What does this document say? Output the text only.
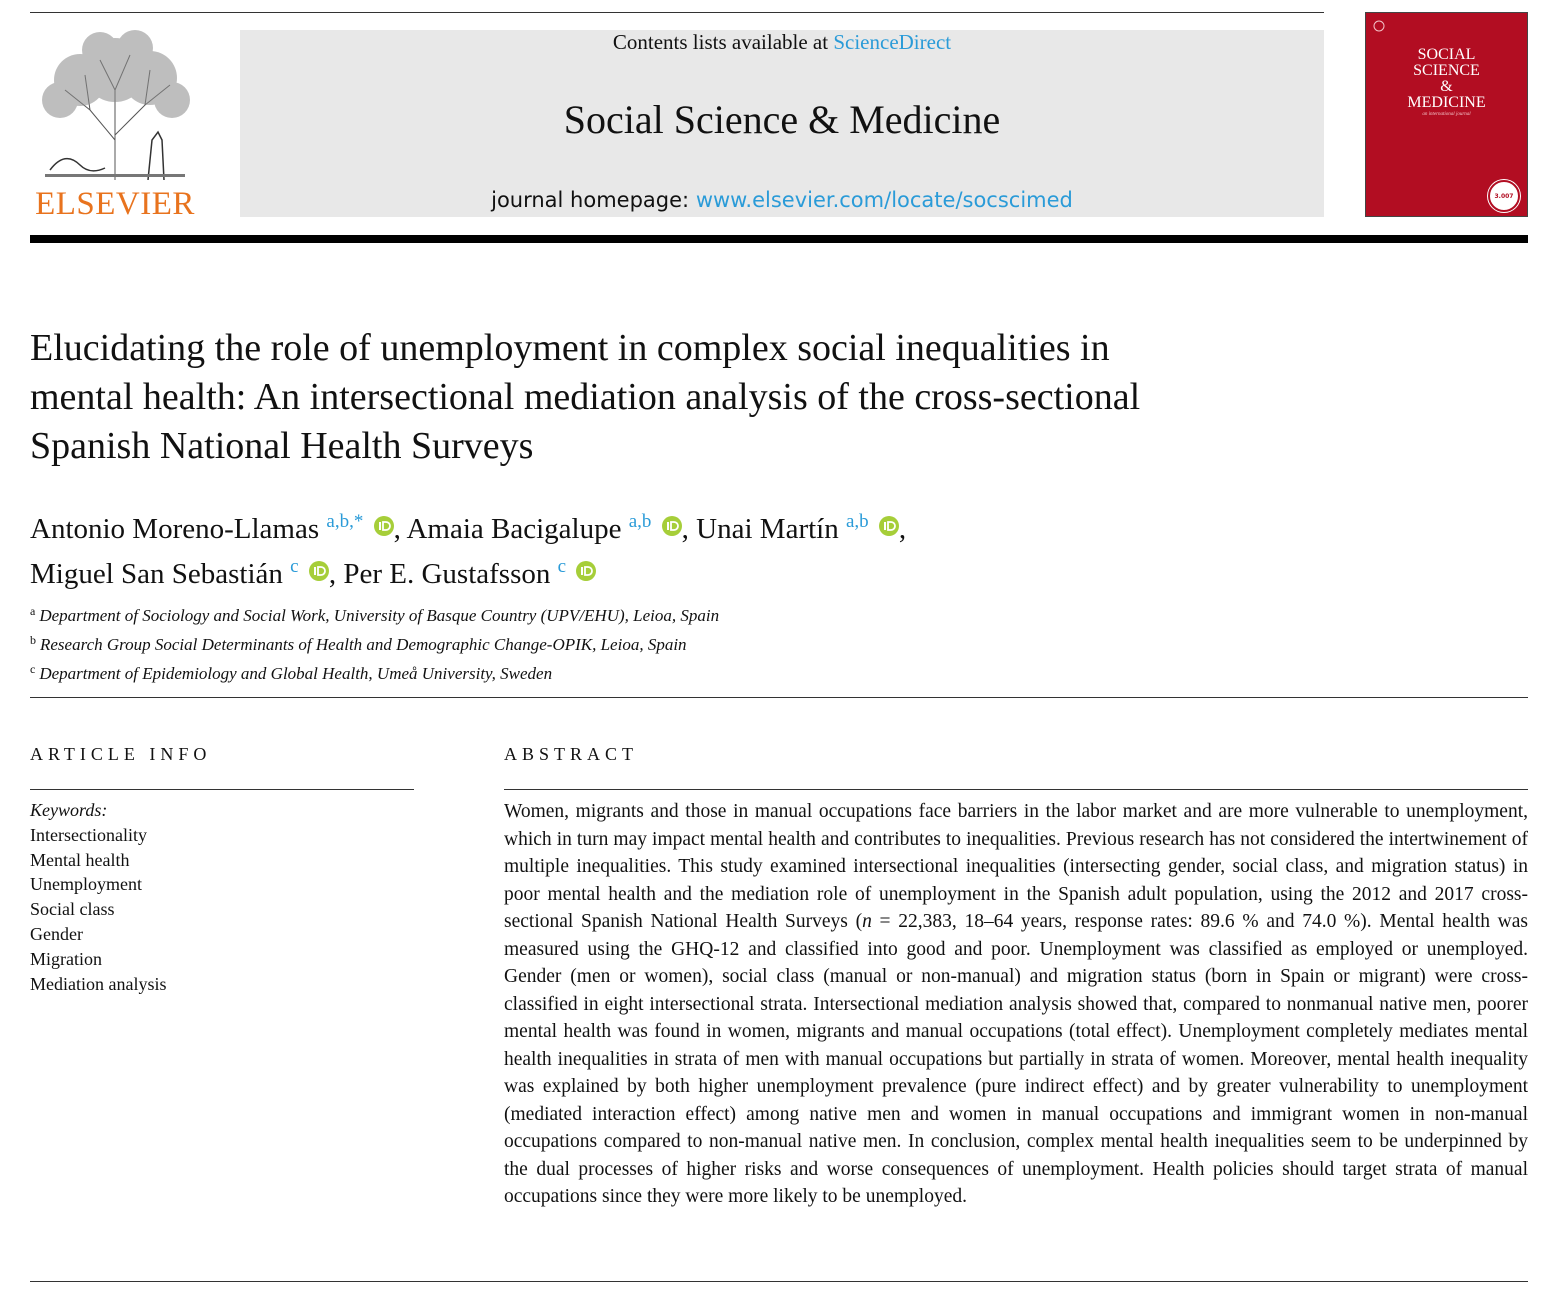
ELSEVIER
Contents lists available at ScienceDirect
Social Science & Medicine
journal homepage: www.elsevier.com/locate/socscimed
SOCIAL
SCIENCE
&
MEDICINE
an international journal
3.007
Elucidating the role of unemployment in complex social inequalities in
mental health: An intersectional mediation analysis of the cross-sectional
Spanish National Health Surveys
Antonio Moreno-Llamas $^{a,b,*}$ , Amaia Bacigalupe $^{a,b}$ , Unai Martín $^{a,b}$ ,
Miguel San Sebastián $^c$ , Per E. Gustafsson $^c$
$^a$ Department of Sociology and Social Work, University of Basque Country (UPV/EHU), Leioa, Spain
$^b$ Research Group Social Determinants of Health and Demographic Change-OPIK, Leioa, Spain
$^c$ Department of Epidemiology and Global Health, Umeå University, Sweden
ARTICLE INFO	ABSTRACT
Keywords:
Intersectionality
Mental health
Unemployment
Social class
Gender
Migration
Mediation analysis
Women, migrants and those in manual occupations face barriers in the labor market and are more vulnerable to unemployment, which in turn may impact mental health and contributes to inequalities. Previous research has not considered the intertwinement of multiple inequalities. This study examined intersectional inequalities (intersecting gender, social class, and migration status) in poor mental health and the mediation role of unemployment in the Spanish adult population, using the 2012 and 2017 cross-sectional Spanish National Health Surveys (n = 22,383, 18–64 years, response rates: 89.6 % and 74.0 %). Mental health was measured using the GHQ-12 and classified into good and poor. Unemployment was classified as employed or unemployed. Gender (men or women), social class (manual or non-manual) and migration status (born in Spain or migrant) were cross-classified in eight intersectional strata. Intersectional mediation analysis showed that, compared to nonmanual native men, poorer mental health was found in women, migrants and manual occupations (total effect). Unemployment completely mediates mental health inequalities in strata of men with manual occupations but partially in strata of women. Moreover, mental health inequality was explained by both higher unemployment prevalence (pure indirect effect) and by greater vulnerability to unemployment (mediated interaction effect) among native men and women in manual occupations and immigrant women in non-manual occupations compared to non-manual native men. In conclusion, complex mental health inequalities seem to be underpinned by the dual processes of higher risks and worse consequences of unemployment. Health policies should target strata of manual occupations since they were more likely to be unemployed.
